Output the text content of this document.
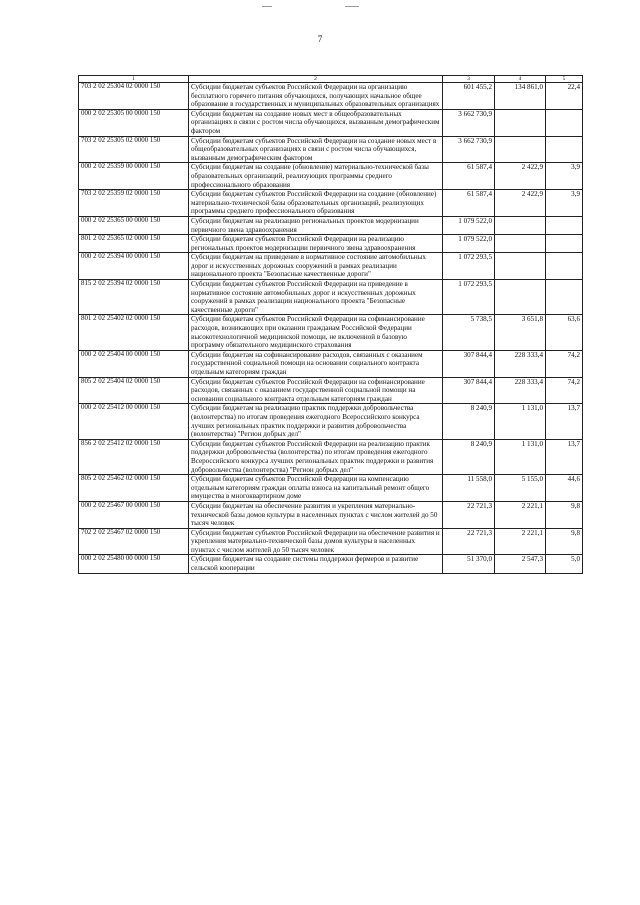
7
1	2	3	4	5
703 2 02 25304 02 0000 150	Субсидии бюджетам субъектов Российской Федерации на организацию бесплатного горячего питания обучающихся, получающих начальное общее образование в государственных и муниципальных образовательных организациях	601 455,2	134 861,0	22,4
000 2 02 25305 00 0000 150	Субсидии бюджетам на создание новых мест в общеобразовательных организациях в связи с ростом числа обучающихся, вызванным демографическим фактором	3 662 730,9		
703 2 02 25305 02 0000 150	Субсидии бюджетам субъектов Российской Федерации на создание новых мест в общеобразовательных организациях в связи с ростом числа обучающихся, вызванным демографическим фактором	3 662 730,9		
000 2 02 25359 00 0000 150	Субсидии бюджетам на создание (обновление) материально-технической базы образовательных организаций, реализующих программы среднего профессионального образования	61 587,4	2 422,9	3,9
703 2 02 25359 02 0000 150	Субсидии бюджетам субъектов Российской Федерации на создание (обновление) материально-технической базы образовательных организаций, реализующих программы среднего профессионального образования	61 587,4	2 422,9	3,9
000 2 02 25365 00 0000 150	Субсидии бюджетам на реализацию региональных проектов модернизации первичного звена здравоохранения	1 079 522,0		
801 2 02 25365 02 0000 150	Субсидии бюджетам субъектов Российской Федерации на реализацию региональных проектов модернизации первичного звена здравоохранения	1 079 522,0		
000 2 02 25394 00 0000 150	Субсидии бюджетам на приведение в нормативное состояние автомобильных дорог и искусственных дорожных сооружений в рамках реализации национального проекта "Безопасные качественные дороги"	1 072 293,5		
815 2 02 25394 02 0000 150	Субсидии бюджетам субъектов Российской Федерации на приведение в нормативное состояние автомобильных дорог и искусственных дорожных сооружений в рамках реализации национального проекта "Безопасные качественные дороги"	1 072 293,5		
801 2 02 25402 02 0000 150	Субсидии бюджетам субъектов Российской Федерации на софинансирование расходов, возникающих при оказании гражданам Российской Федерации высокотехнологичной медицинской помощи, не включенной в базовую программу обязательного медицинского страхования	5 738,5	3 651,8	63,6
000 2 02 25404 00 0000 150	Субсидии бюджетам на софинансирование расходов, связанных с оказанием государственной социальной помощи на основании социального контракта отдельным категориям граждан	307 844,4	228 333,4	74,2
805 2 02 25404 02 0000 150	Субсидии бюджетам субъектов Российской Федерации на софинансирование расходов, связанных с оказанием государственной социальной помощи на основании социального контракта отдельным категориям граждан	307 844,4	228 333,4	74,2
000 2 02 25412 00 0000 150	Субсидии бюджетам на реализацию практик поддержки добровольчества (волонтерства) по итогам проведения ежегодного Всероссийского конкурса лучших региональных практик поддержки и развития добровольчества (волонтерства) "Регион добрых дел"	8 240,9	1 131,0	13,7
856 2 02 25412 02 0000 150	Субсидии бюджетам субъектов Российской Федерации на реализацию практик поддержки добровольчества (волонтерства) по итогам проведения ежегодного Всероссийского конкурса лучших региональных практик поддержки и развития добровольчества (волонтерства) "Регион добрых дел"	8 240,9	1 131,0	13,7
805 2 02 25462 02 0000 150	Субсидии бюджетам субъектов Российской Федерации на компенсацию отдельным категориям граждан оплаты взноса на капитальный ремонт общего имущества в многоквартирном доме	11 558,0	5 155,0	44,6
000 2 02 25467 00 0000 150	Субсидии бюджетам на обеспечение развития и укрепления материально-технической базы домов культуры в населенных пунктах с числом жителей до 50 тысяч человек	22 721,3	2 221,1	9,8
702 2 02 25467 02 0000 150	Субсидии бюджетам субъектов Российской Федерации на обеспечение развития и укрепления материально-технической базы домов культуры в населенных пунктах с числом жителей до 50 тысяч человек	22 721,3	2 221,1	9,8
000 2 02 25480 00 0000 150	Субсидии бюджетам на создание системы поддержки фермеров и развитие сельской кооперации	51 370,0	2 547,3	5,0
